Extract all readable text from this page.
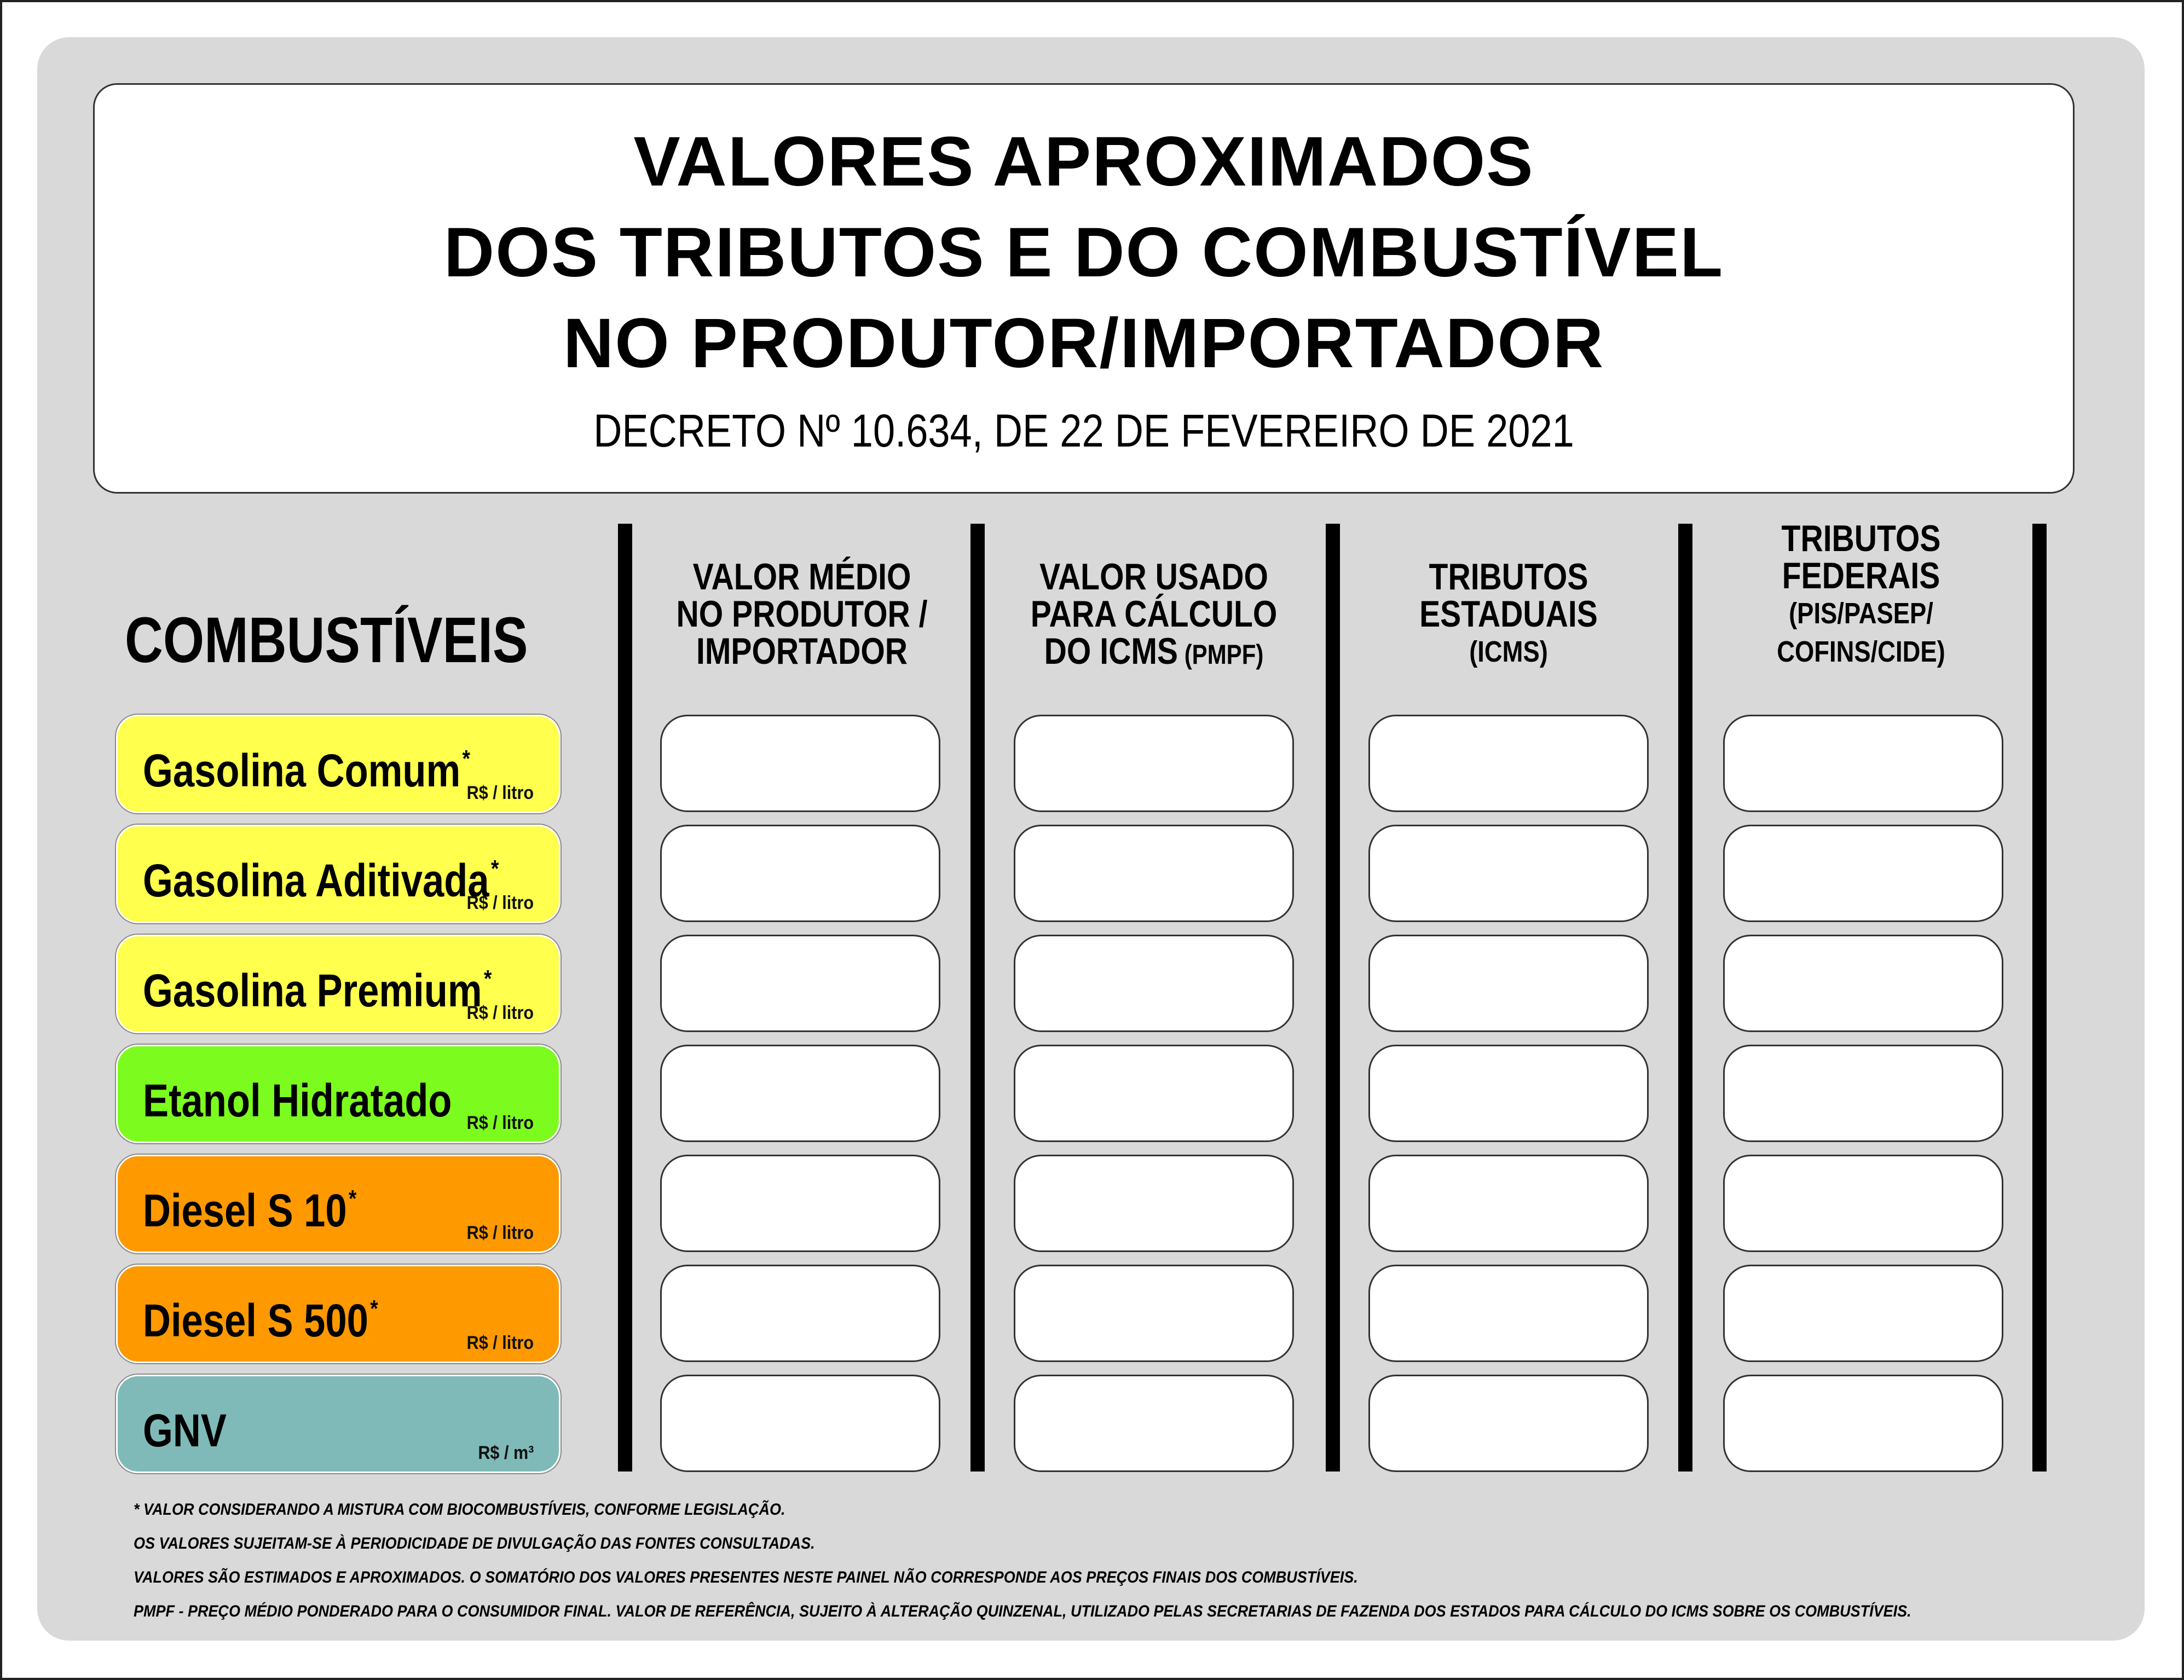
VALORES APROXIMADOS
DOS TRIBUTOS E DO COMBUSTÍVEL
NO PRODUTOR/IMPORTADOR
DECRETO Nº 10.634, DE 22 DE FEVEREIRO DE 2021
COMBUSTÍVEIS
VALOR MÉDIO
NO PRODUTOR /
IMPORTADOR
VALOR USADO
PARA CÁLCULO
DO ICMS (PMPF)
TRIBUTOS
ESTADUAIS
(ICMS)
TRIBUTOS
FEDERAIS
(PIS/PASEP/
COFINS/CIDE)
Gasolina Comum*
R$ / litro
Gasolina Aditivada*
R$ / litro
Gasolina Premium*
R$ / litro
Etanol Hidratado R$ / litro
Diesel S 10*
R$ / litro
Diesel S 500*
R$ / litro
GNV	R$ / m³
* VALOR CONSIDERANDO A MISTURA COM BIOCOMBUSTÍVEIS, CONFORME LEGISLAÇÃO.
OS VALORES SUJEITAM-SE À PERIODICIDADE DE DIVULGAÇÃO DAS FONTES CONSULTADAS.
VALORES SÃO ESTIMADOS E APROXIMADOS. O SOMATÓRIO DOS VALORES PRESENTES NESTE PAINEL NÃO CORRESPONDE AOS PREÇOS FINAIS DOS COMBUSTÍVEIS.
PMPF - PREÇO MÉDIO PONDERADO PARA O CONSUMIDOR FINAL. VALOR DE REFERÊNCIA, SUJEITO À ALTERAÇÃO QUINZENAL, UTILIZADO PELAS SECRETARIAS DE FAZENDA DOS ESTADOS PARA CÁLCULO DO ICMS SOBRE OS COMBUSTÍVEIS.
